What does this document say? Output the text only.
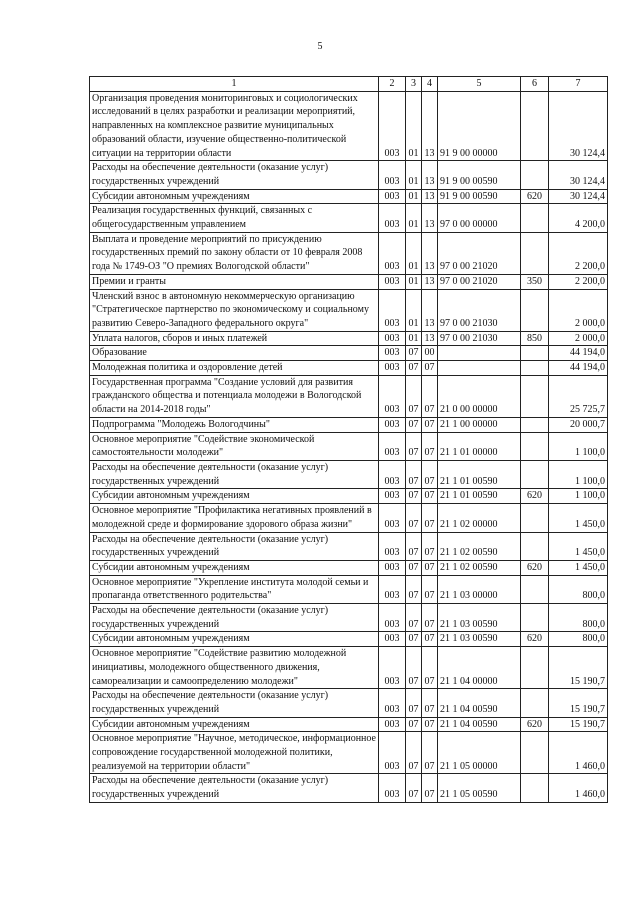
5
1	2	3	4	5	6	7
Организация проведения мониторинговых и социологических исследований в целях разработки и реализации мероприятий, направленных на комплексное развитие муниципальных образований области, изучение общественно-политической ситуации на территории области	003	01	13	91 9 00 00000		30 124,4
Расходы на обеспечение деятельности (оказание услуг) государственных учреждений	003	01	13	91 9 00 00590		30 124,4
Субсидии автономным учреждениям	003	01	13	91 9 00 00590	620	30 124,4
Реализация государственных функций, связанных с общегосударственным управлением	003	01	13	97 0 00 00000		4 200,0
Выплата и проведение мероприятий по присуждению государственных премий по закону области от 10 февраля 2008 года № 1749-ОЗ "О премиях Вологодской области"	003	01	13	97 0 00 21020		2 200,0
Премии и гранты	003	01	13	97 0 00 21020	350	2 200,0
Членский взнос в автономную некоммерческую организацию "Стратегическое партнерство по экономическому и социальному развитию Северо-Западного федерального округа"	003	01	13	97 0 00 21030		2 000,0
Уплата налогов, сборов и иных платежей	003	01	13	97 0 00 21030	850	2 000,0
Образование	003	07	00			44 194,0
Молодежная политика и оздоровление детей	003	07	07			44 194,0
Государственная программа "Создание условий для развития гражданского общества и потенциала молодежи в Вологодской области на 2014-2018 годы"	003	07	07	21 0 00 00000		25 725,7
Подпрограмма "Молодежь Вологодчины"	003	07	07	21 1 00 00000		20 000,7
Основное мероприятие "Содействие экономической самостоятельности молодежи"	003	07	07	21 1 01 00000		1 100,0
Расходы на обеспечение деятельности (оказание услуг) государственных учреждений	003	07	07	21 1 01 00590		1 100,0
Субсидии автономным учреждениям	003	07	07	21 1 01 00590	620	1 100,0
Основное мероприятие "Профилактика негативных проявлений в молодежной среде и формирование здорового образа жизни"	003	07	07	21 1 02 00000		1 450,0
Расходы на обеспечение деятельности (оказание услуг) государственных учреждений	003	07	07	21 1 02 00590		1 450,0
Субсидии автономным учреждениям	003	07	07	21 1 02 00590	620	1 450,0
Основное мероприятие "Укрепление института молодой семьи и пропаганда ответственного родительства"	003	07	07	21 1 03 00000		800,0
Расходы на обеспечение деятельности (оказание услуг) государственных учреждений	003	07	07	21 1 03 00590		800,0
Субсидии автономным учреждениям	003	07	07	21 1 03 00590	620	800,0
Основное мероприятие "Содействие развитию молодежной инициативы, молодежного общественного движения, самореализации и самоопределению молодежи"	003	07	07	21 1 04 00000		15 190,7
Расходы на обеспечение деятельности (оказание услуг) государственных учреждений	003	07	07	21 1 04 00590		15 190,7
Субсидии автономным учреждениям	003	07	07	21 1 04 00590	620	15 190,7
Основное мероприятие "Научное, методическое, информационное сопровождение государственной молодежной политики, реализуемой на территории области"	003	07	07	21 1 05 00000		1 460,0
Расходы на обеспечение деятельности (оказание услуг) государственных учреждений	003	07	07	21 1 05 00590		1 460,0
